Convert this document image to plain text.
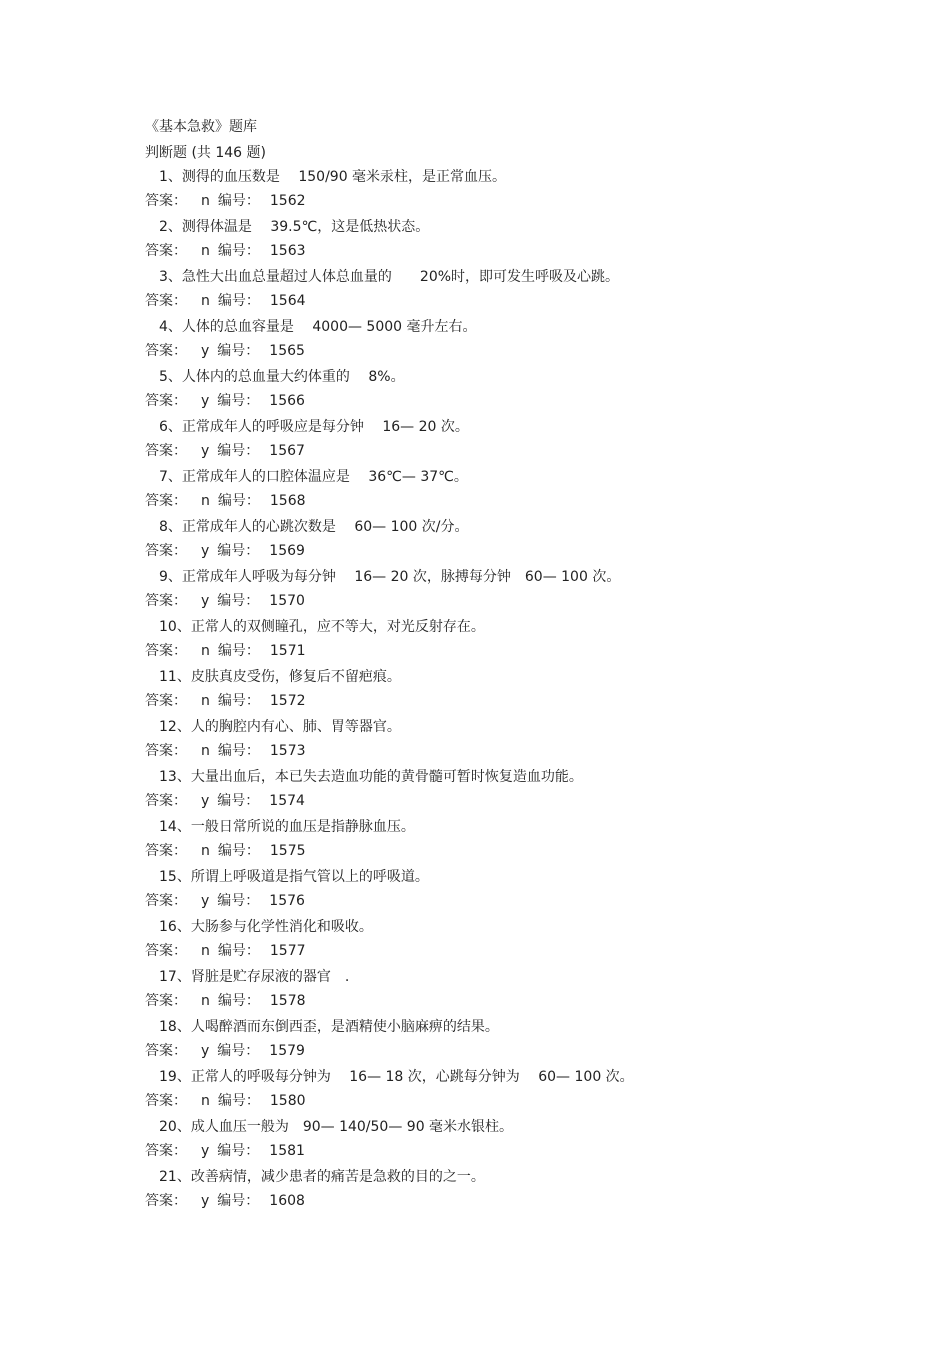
《基本急救》题库
判断题 (共 146 题)
1、测得的血压数是　 150/90 毫米汞柱，是正常血压。
答案： n 编号： 1562
2、测得体温是　 39.5℃，这是低热状态。
答案： n 编号： 1563
3、急性大出血总量超过人体总血量的　　20%时，即可发生呼吸及心跳。
答案： n 编号： 1564
4、人体的总血容量是　 4000— 5000 毫升左右。
答案： y 编号： 1565
5、人体内的总血量大约体重的　 8%。
答案： y 编号： 1566
6、正常成年人的呼吸应是每分钟　 16— 20 次。
答案： y 编号： 1567
7、正常成年人的口腔体温应是　 36℃— 37℃。
答案： n 编号： 1568
8、正常成年人的心跳次数是　 60— 100 次/分。
答案： y 编号： 1569
9、正常成年人呼吸为每分钟　 16— 20 次，脉搏每分钟　60— 100 次。
答案： y 编号： 1570
10、正常人的双侧瞳孔，应不等大，对光反射存在。
答案： n 编号： 1571
11、皮肤真皮受伤，修复后不留疤痕。
答案： n 编号： 1572
12、人的胸腔内有心、肺、胃等器官。
答案： n 编号： 1573
13、大量出血后，本已失去造血功能的黄骨髓可暂时恢复造血功能。
答案： y 编号： 1574
14、一般日常所说的血压是指静脉血压。
答案： n 编号： 1575
15、所谓上呼吸道是指气管以上的呼吸道。
答案： y 编号： 1576
16、大肠参与化学性消化和吸收。
答案： n 编号： 1577
17、肾脏是贮存尿液的器官　.
答案： n 编号： 1578
18、人喝醉酒而东倒西歪，是酒精使小脑麻痹的结果。
答案： y 编号： 1579
19、正常人的呼吸每分钟为　 16— 18 次，心跳每分钟为　 60— 100 次。
答案： n 编号： 1580
20、成人血压一般为　90— 140/50— 90 毫米水银柱。
答案： y 编号： 1581
21、改善病情，减少患者的痛苦是急救的目的之一。
答案： y 编号： 1608
